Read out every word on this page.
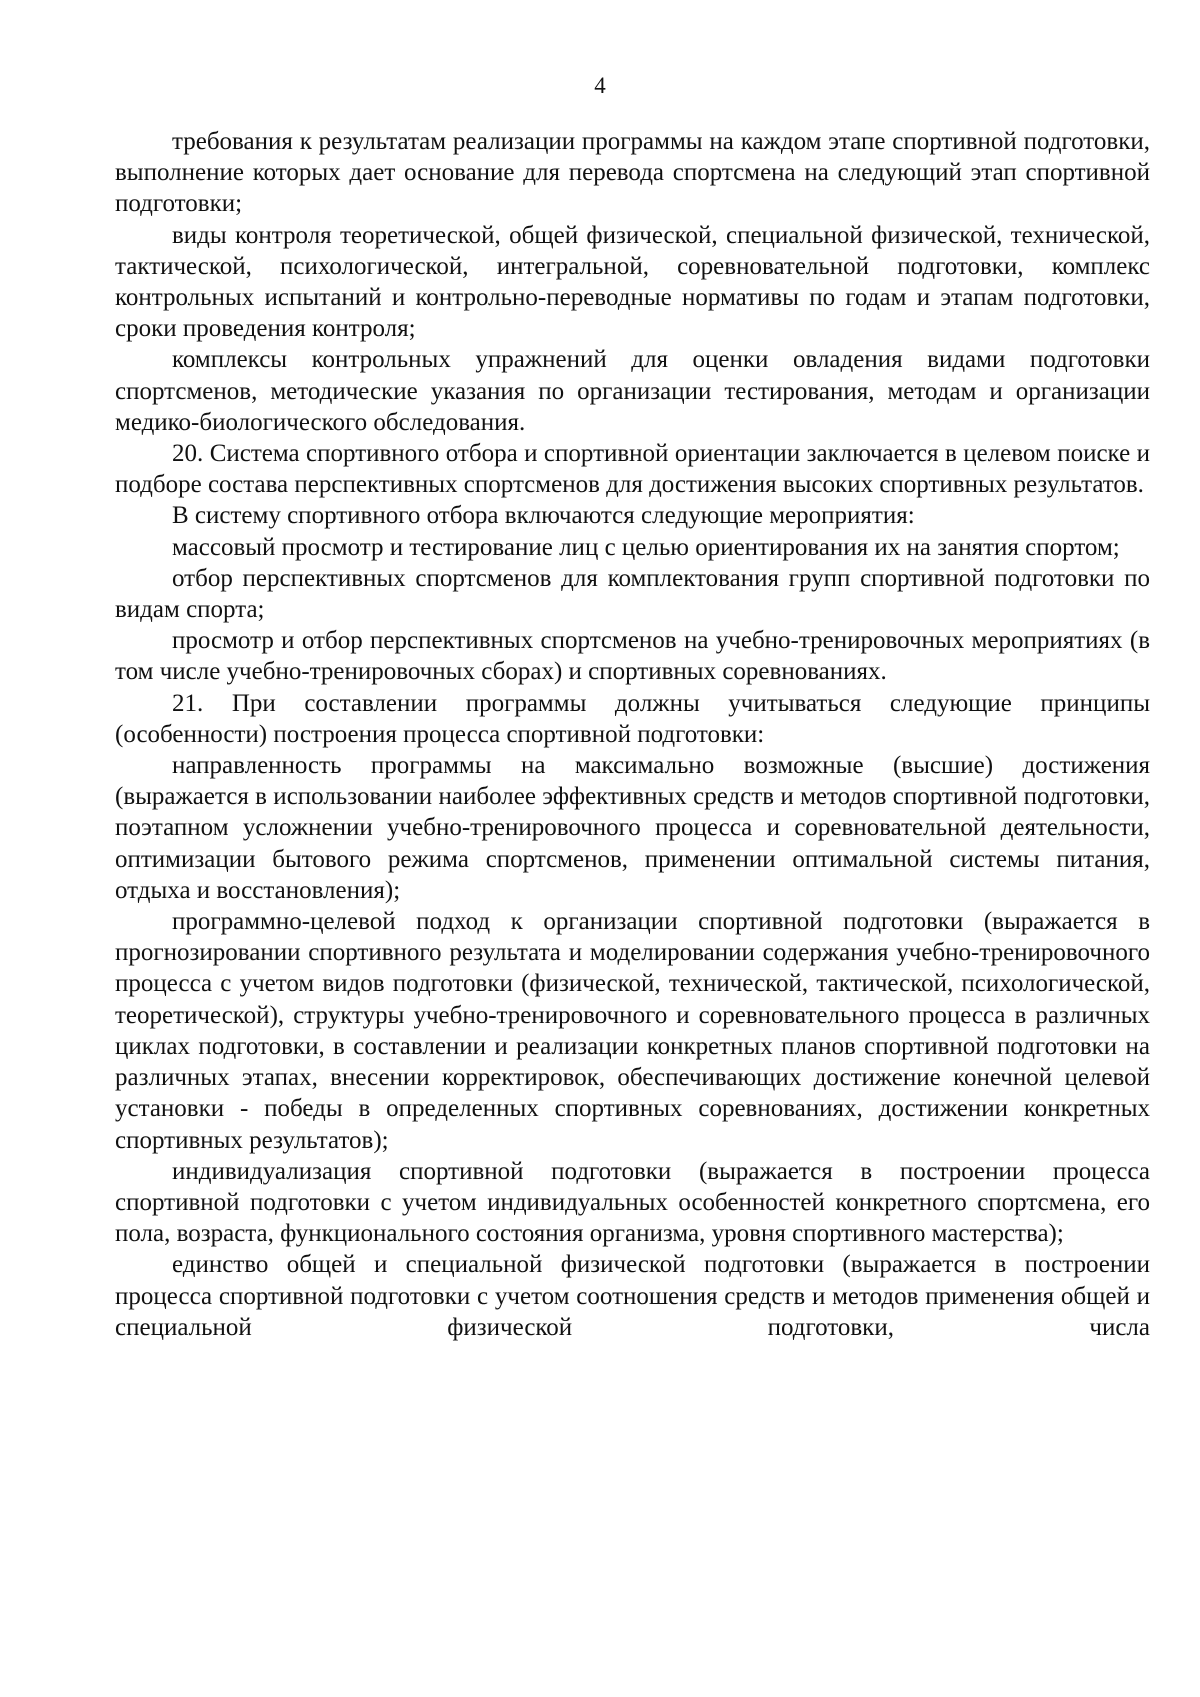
4

требования к результатам реализации программы на каждом этапе спортивной подготовки, выполнение которых дает основание для перевода спортсмена на следующий этап спортивной подготовки;

виды контроля теоретической, общей физической, специальной физической, технической, тактической, психологической, интегральной, соревновательной подготовки, комплекс контрольных испытаний и контрольно-переводные нормативы по годам и этапам подготовки, сроки проведения контроля;

комплексы контрольных упражнений для оценки овладения видами подготовки спортсменов, методические указания по организации тестирования, методам и организации медико-биологического обследования.

20. Система спортивного отбора и спортивной ориентации заключается в целевом поиске и подборе состава перспективных спортсменов для достижения высоких спортивных результатов.

В систему спортивного отбора включаются следующие мероприятия:

массовый просмотр и тестирование лиц с целью ориентирования их на занятия спортом;

отбор перспективных спортсменов для комплектования групп спортивной подготовки по видам спорта;

просмотр и отбор перспективных спортсменов на учебно-тренировочных мероприятиях (в том числе учебно-тренировочных сборах) и спортивных соревнованиях.

21. При составлении программы должны учитываться следующие принципы (особенности) построения процесса спортивной подготовки:

направленность программы на максимально возможные (высшие) достижения (выражается в использовании наиболее эффективных средств и методов спортивной подготовки, поэтапном усложнении учебно-тренировочного процесса и соревновательной деятельности, оптимизации бытового режима спортсменов, применении оптимальной системы питания, отдыха и восстановления);

программно-целевой подход к организации спортивной подготовки (выражается в прогнозировании спортивного результата и моделировании содержания учебно-тренировочного процесса с учетом видов подготовки (физической, технической, тактической, психологической, теоретической), структуры учебно-тренировочного и соревновательного процесса в различных циклах подготовки, в составлении и реализации конкретных планов спортивной подготовки на различных этапах, внесении корректировок, обеспечивающих достижение конечной целевой установки - победы в определенных спортивных соревнованиях, достижении конкретных спортивных результатов);

индивидуализация спортивной подготовки (выражается в построении процесса спортивной подготовки с учетом индивидуальных особенностей конкретного спортсмена, его пола, возраста, функционального состояния организма, уровня спортивного мастерства);

единство общей и специальной физической подготовки (выражается в построении процесса спортивной подготовки с учетом соотношения средств и методов применения общей и специальной физической подготовки, числа
